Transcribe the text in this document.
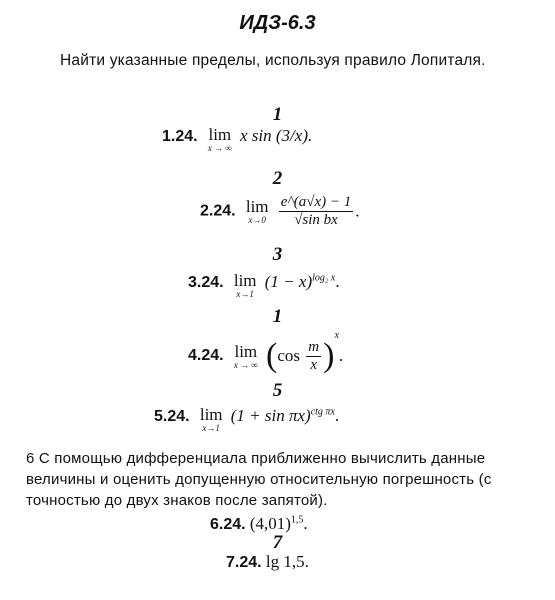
ИДЗ-6.3
Найти указанные пределы, используя правило Лопиталя.
1
1.24. lim
x → ∞
x sin (3/x).
2
2.24. lim
x→0
$\frac{e\^{}(a√x) - 1}{\text{√sin bx}}$ .
3
3.24. lim
x→1
$(1 - x)^{log_2 x}$.
1
4.24. lim
x → ∞ $(\cos \frac{m}{x} )^x$.
5
5.24. lim
x→1
$(1 + \sin \pi x)^{ctg \pi x}$.
6 С помощью дифференциала приближенно вычислить данные величины и оценить допущенную относительную погрешность (с точностью до двух знаков после запятой).
6.24. $(4,01)^{1,5}$.
7
7.24. lg 1,5.
